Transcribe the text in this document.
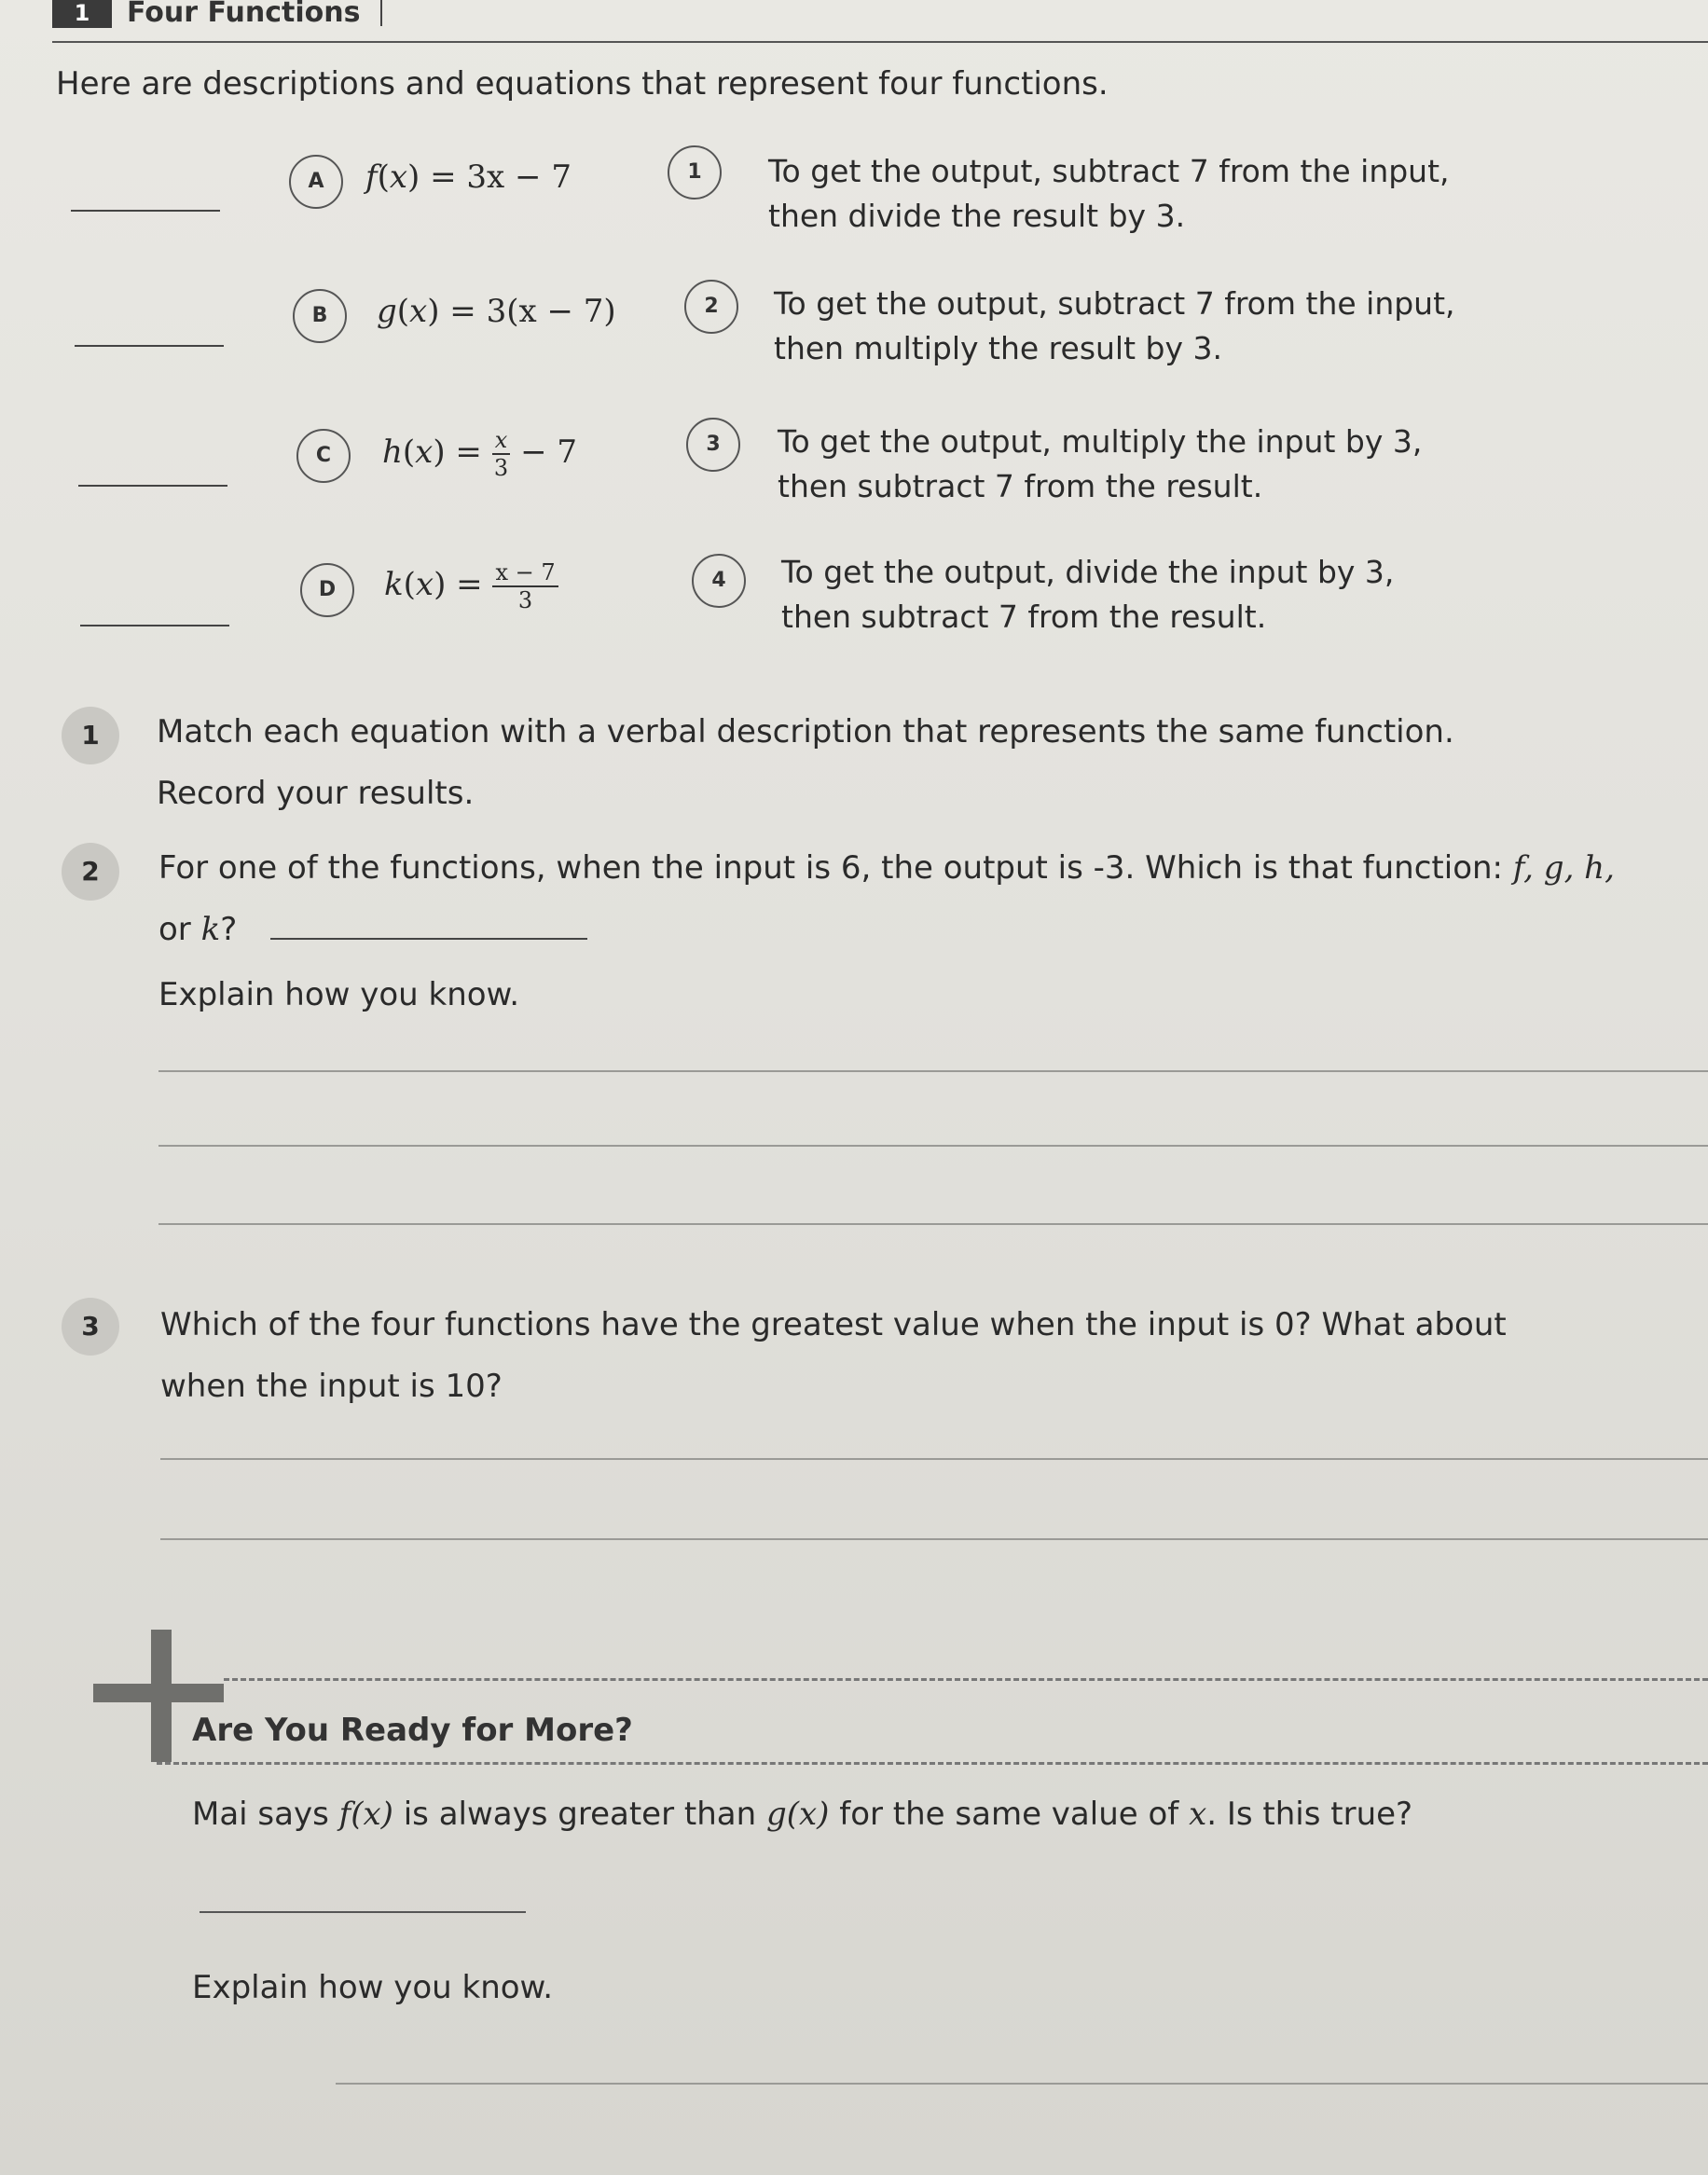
1	Four Functions
Here are descriptions and equations that represent four functions.
A	f(x) = 3x − 7	1	To get the output, subtract 7 from the input,
then divide the result by 3.
B	g(x) = 3(x − 7)	2	To get the output, subtract 7 from the input,
then multiply the result by 3.
C	$h(x) = \frac{x}{3} - 7$	3	To get the output, multiply the input by 3,
then subtract 7 from the result.
D	$k(x) = \frac{x - 7}{3}$	4	To get the output, divide the input by 3,
then subtract 7 from the result.
1	Match each equation with a verbal description that represents the same function.
Record your results.
2	For one of the functions, when the input is 6, the output is -3. Which is that function: f, g, h,
or k?
Explain how you know.
3	Which of the four functions have the greatest value when the input is 0? What about
when the input is 10?
Are You Ready for More?
Mai says f(x) is always greater than g(x) for the same value of x. Is this true?
Explain how you know.
